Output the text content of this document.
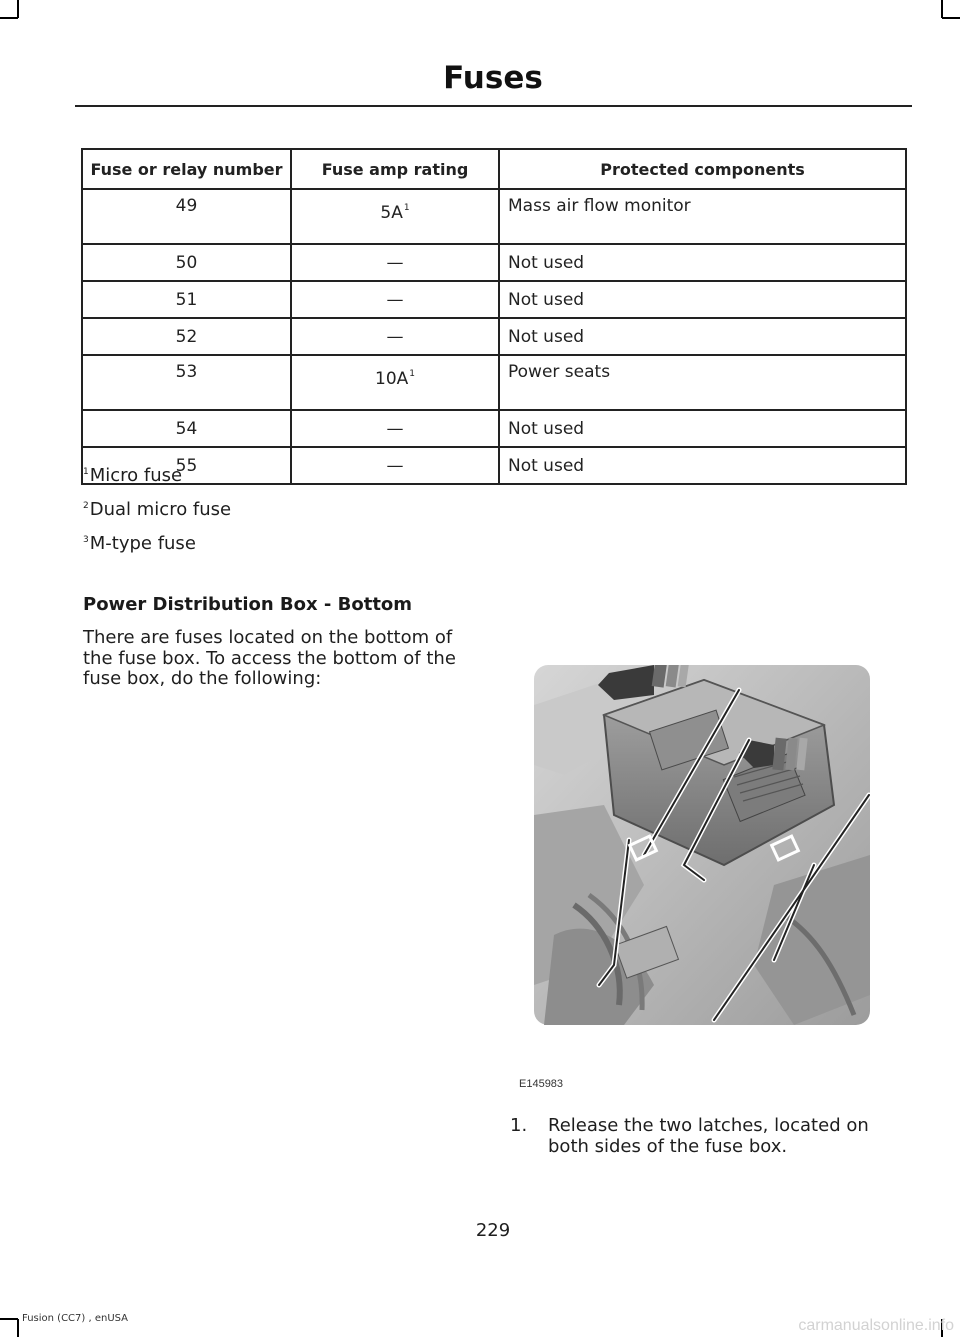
Fuses
Fuse or relay number	Fuse amp rating	Protected components
49	$5A^1$	Mass air flow monitor
50	—	Not used
51	—	Not used
52	—	Not used
53	$10A^1$	Power seats
54	—	Not used
55	—	Not used
$^1$Micro fuse
$^2$Dual micro fuse
$^3$M-type fuse
Power Distribution Box - Bottom
There are fuses located on the bottom of the fuse box. To access the bottom of the fuse box, do the following:
E145983
1. Release the two latches, located on both sides of the fuse box.
229
Fusion (CC7) , enUSA	carmanualsonline.info
